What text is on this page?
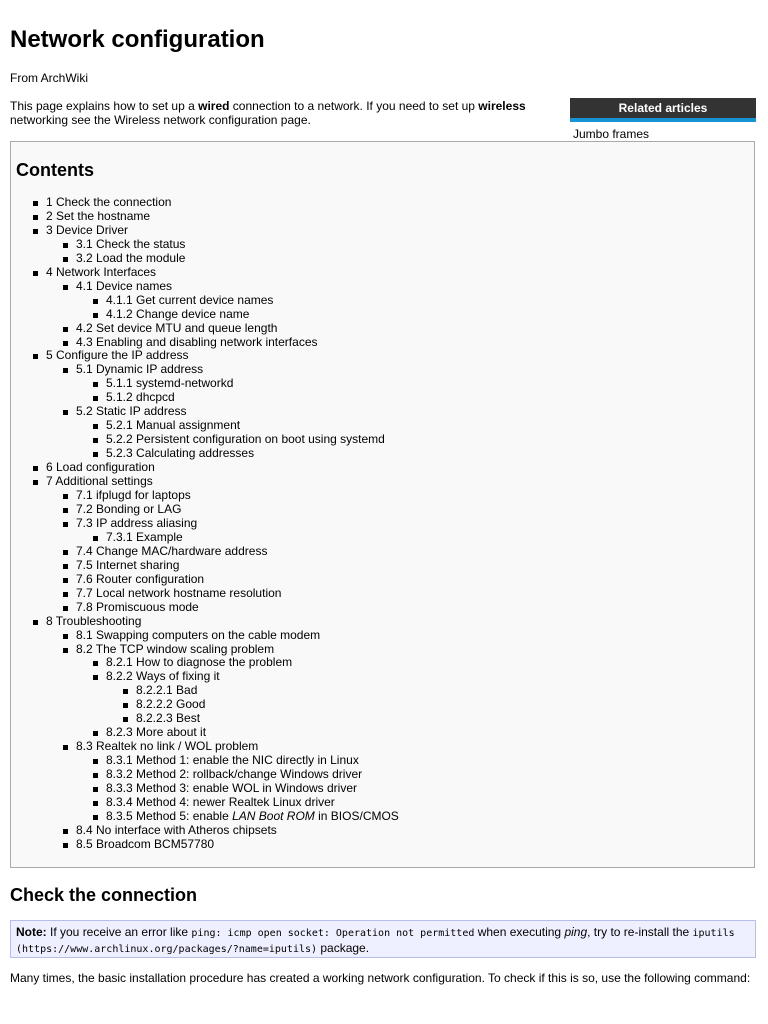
Network configuration
From ArchWiki
This page explains how to set up a wired connection to a network. If you need to set up wireless networking see the Wireless network configuration page.
Related articles
Jumbo frames
Contents
1 Check the connection
2 Set the hostname
3 Device Driver
3.1 Check the status
3.2 Load the module
4 Network Interfaces
4.1 Device names
4.1.1 Get current device names
4.1.2 Change device name
4.2 Set device MTU and queue length
4.3 Enabling and disabling network interfaces
5 Configure the IP address
5.1 Dynamic IP address
5.1.1 systemd-networkd
5.1.2 dhcpcd
5.2 Static IP address
5.2.1 Manual assignment
5.2.2 Persistent configuration on boot using systemd
5.2.3 Calculating addresses
6 Load configuration
7 Additional settings
7.1 ifplugd for laptops
7.2 Bonding or LAG
7.3 IP address aliasing
7.3.1 Example
7.4 Change MAC/hardware address
7.5 Internet sharing
7.6 Router configuration
7.7 Local network hostname resolution
7.8 Promiscuous mode
8 Troubleshooting
8.1 Swapping computers on the cable modem
8.2 The TCP window scaling problem
8.2.1 How to diagnose the problem
8.2.2 Ways of fixing it
8.2.2.1 Bad
8.2.2.2 Good
8.2.2.3 Best
8.2.3 More about it
8.3 Realtek no link / WOL problem
8.3.1 Method 1: enable the NIC directly in Linux
8.3.2 Method 2: rollback/change Windows driver
8.3.3 Method 3: enable WOL in Windows driver
8.3.4 Method 4: newer Realtek Linux driver
8.3.5 Method 5: enable LAN Boot ROM in BIOS/CMOS
8.4 No interface with Atheros chipsets
8.5 Broadcom BCM57780
Check the connection
Note: If you receive an error like ping: icmp open socket: Operation not permitted when executing ping, try to re-install the iputils
(https://www.archlinux.org/packages/?name=iputils) package.
Many times, the basic installation procedure has created a working network configuration. To check if this is so, use the following command:
